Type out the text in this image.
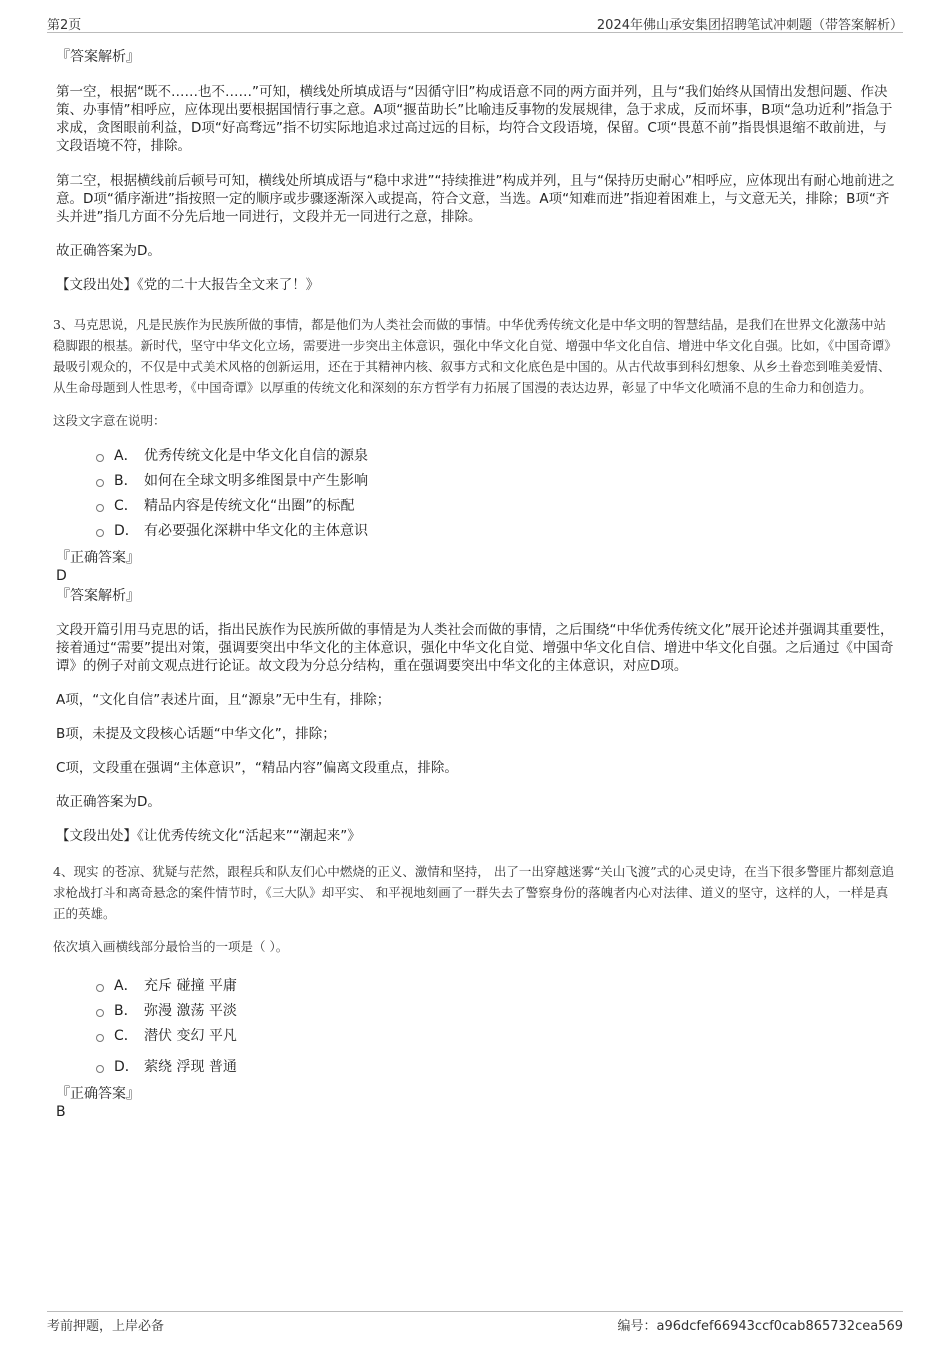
第2页	2024年佛山承安集团招聘笔试冲刺题（带答案解析）
『答案解析』

第一空，根据“既不……也不……”可知，横线处所填成语与“因循守旧”构成语意不同的两方面并列，且与“我们始终从国情出发想问题、作决策、办事情”相呼应，应体现出要根据国情行事之意。A项“揠苗助长”比喻违反事物的发展规律，急于求成，反而坏事，B项“急功近利”指急于求成，贪图眼前利益，D项“好高骛远”指不切实际地追求过高过远的目标，均符合文段语境，保留。C项“畏葸不前”指畏惧退缩不敢前进，与文段语境不符，排除。

第二空，根据横线前后顿号可知，横线处所填成语与“稳中求进”“持续推进”构成并列，且与“保持历史耐心”相呼应，应体现出有耐心地前进之意。D项“循序渐进”指按照一定的顺序或步骤逐渐深入或提高，符合文意，当选。A项“知难而进”指迎着困难上，与文意无关，排除；B项“齐头并进”指几方面不分先后地一同进行，文段并无一同进行之意，排除。

故正确答案为D。

【文段出处】《党的二十大报告全文来了！》

3、马克思说，凡是民族作为民族所做的事情，都是他们为人类社会而做的事情。中华优秀传统文化是中华文明的智慧结晶，是我们在世界文化激荡中站稳脚跟的根基。新时代，坚守中华文化立场，需要进一步突出主体意识，强化中华文化自觉、增强中华文化自信、增进中华文化自强。比如，《中国奇谭》最吸引观众的，不仅是中式美术风格的创新运用，还在于其精神内核、叙事方式和文化底色是中国的。从古代故事到科幻想象、从乡土眷恋到唯美爱情、从生命母题到人性思考，《中国奇谭》以厚重的传统文化和深刻的东方哲学有力拓展了国漫的表达边界，彰显了中华文化喷涌不息的生命力和创造力。

这段文字意在说明：

A． 优秀传统文化是中华文化自信的源泉
B． 如何在全球文明多维图景中产生影响
C． 精品内容是传统文化“出圈”的标配
D． 有必要强化深耕中华文化的主体意识
『正确答案』
D
『答案解析』

文段开篇引用马克思的话，指出民族作为民族所做的事情是为人类社会而做的事情，之后围绕“中华优秀传统文化”展开论述并强调其重要性，接着通过“需要”提出对策，强调要突出中华文化的主体意识，强化中华文化自觉、增强中华文化自信、增进中华文化自强。之后通过《中国奇谭》的例子对前文观点进行论证。故文段为分总分结构，重在强调要突出中华文化的主体意识，对应D项。

A项，“文化自信”表述片面，且“源泉”无中生有，排除；

B项，未提及文段核心话题“中华文化”，排除；

C项，文段重在强调“主体意识”，“精品内容”偏离文段重点，排除。

故正确答案为D。

【文段出处】《让优秀传统文化“活起来”“潮起来”》

4、现实 的苍凉、犹疑与茫然，跟程兵和队友们心中燃烧的正义、激情和坚持， 出了一出穿越迷雾“关山飞渡”式的心灵史诗，在当下很多警匪片都刻意追求枪战打斗和离奇悬念的案件情节时，《三大队》却平实、 和平视地刻画了一群失去了警察身份的落魄者内心对法律、道义的坚守，这样的人，一样是真正的英雄。

依次填入画横线部分最恰当的一项是（ ）。

A． 充斥 碰撞 平庸
B． 弥漫 激荡 平淡
C． 潜伏 变幻 平凡
D． 萦绕 浮现 普通
『正确答案』
B
考前押题，上岸必备	编号：a96dcfef66943ccf0cab865732cea569
